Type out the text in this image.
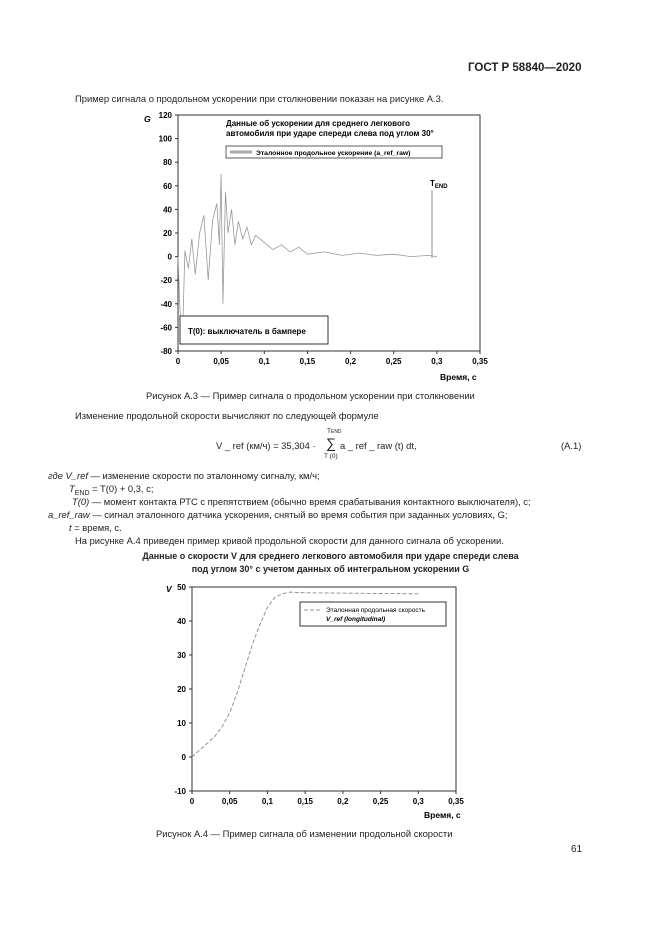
ГОСТ Р 58840—2020
Пример сигнала о продольном ускорении при столкновении показан на рисунке А.3.
-80
-60
-40
-20
0
20
40
60
80
100
120
0	0,05	0,1	0,15	0,2	0,25	0,3	0,35
G
Время, с
Данные об ускорении для среднего легкового
автомобиля при ударе спереди слева под углом 30°
Эталонное продольное ускорение (a_ref_raw)
$T_{END}$
T(0): выключатель в бампере
Рисунок А.3 — Пример сигнала о продольном ускорении при столкновении
Изменение продольной скорости вычисляют по следующей формуле
V _ ref (км/ч) = 35,304 ·
TEND
∑
T (0)
a _ ref _ raw (t) dt,	(А.1)
где V_ref — изменение скорости по эталонному сигналу, км/ч;
$T_{END} = T(0) + 0,3$, с;
T(0) — момент контакта РТС с препятствием (обычно время срабатывания контактного выключателя), с;
a_ref_raw — сигнал эталонного датчика ускорения, снятый во время события при заданных условиях, G;
t = время, с.
На рисунке А.4 приведен пример кривой продольной скорости для данного сигнала об ускорении.
Данные о скорости V для среднего легкового автомобиля при ударе спереди слева
под углом 30° с учетом данных об интегральном ускорении G
-10
0
10
20
30
40
50
0	0,05	0,1	0,15	0,2	0,25	0,3	0,35
V
Время, с
Эталонная продольная скорость
V_ref (longitudinal)
Рисунок А.4 — Пример сигнала об изменении продольной скорости
61
